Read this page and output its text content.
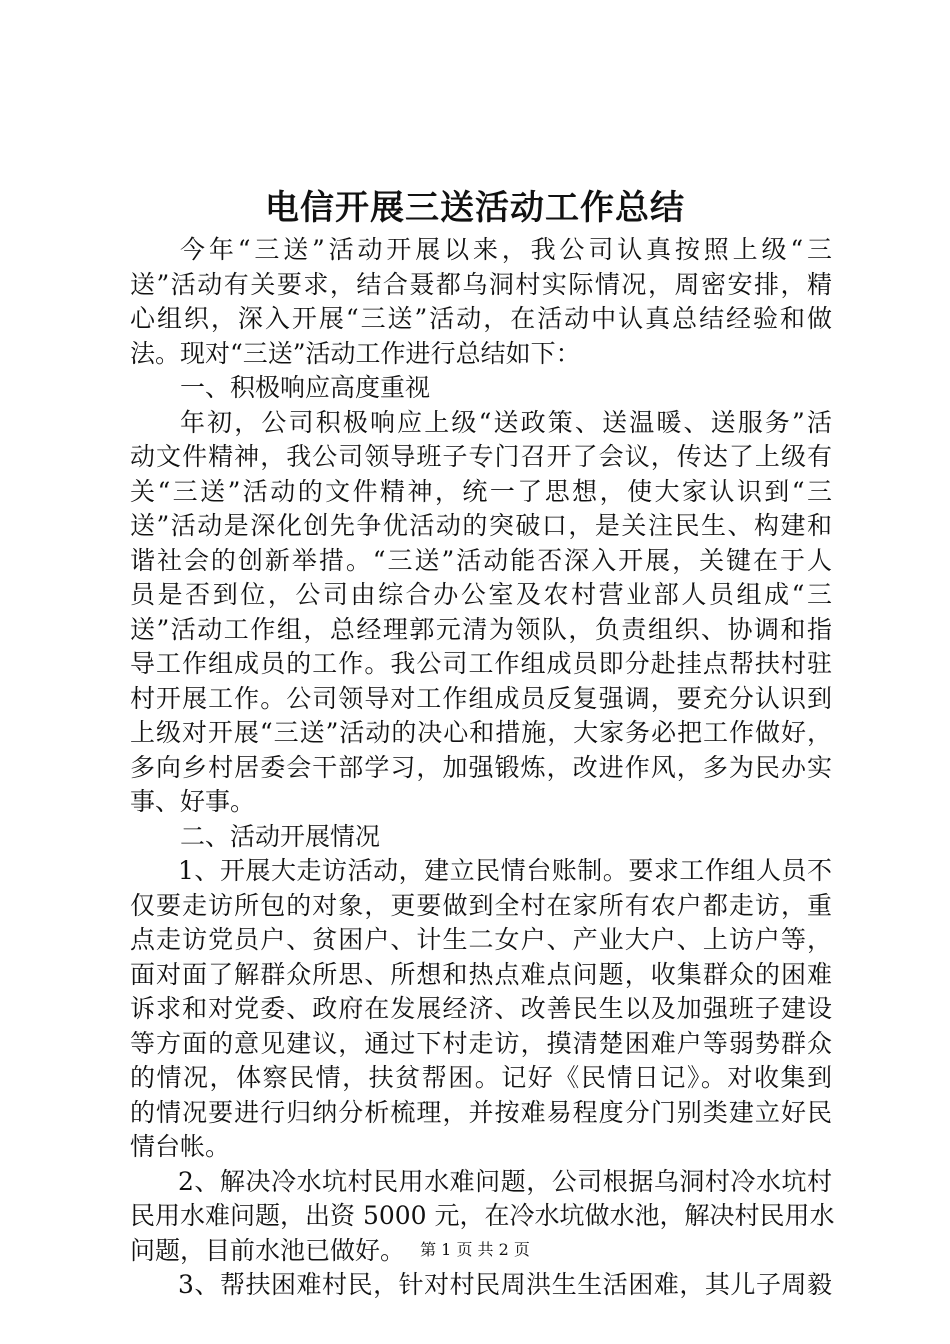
电信开展三送活动工作总结
今年“三送”活动开展以来，我公司认真按照上级“三
送”活动有关要求，结合聂都乌洞村实际情况，周密安排，精
心组织，深入开展“三送”活动，在活动中认真总结经验和做
法。现对“三送”活动工作进行总结如下：
一、积极响应高度重视
年初，公司积极响应上级“送政策、送温暖、送服务”活
动文件精神，我公司领导班子专门召开了会议，传达了上级有
关“三送”活动的文件精神，统一了思想，使大家认识到“三
送”活动是深化创先争优活动的突破口，是关注民生、构建和
谐社会的创新举措。“三送”活动能否深入开展，关键在于人
员是否到位，公司由综合办公室及农村营业部人员组成“三
送”活动工作组，总经理郭元清为领队，负责组织、协调和指
导工作组成员的工作。我公司工作组成员即分赴挂点帮扶村驻
村开展工作。公司领导对工作组成员反复强调，要充分认识到
上级对开展“三送”活动的决心和措施，大家务必把工作做好，
多向乡村居委会干部学习，加强锻炼，改进作风，多为民办实
事、好事。
二、活动开展情况
1、开展大走访活动，建立民情台账制。要求工作组人员不
仅要走访所包的对象，更要做到全村在家所有农户都走访，重
点走访党员户、贫困户、计生二女户、产业大户、上访户等，
面对面了解群众所思、所想和热点难点问题，收集群众的困难
诉求和对党委、政府在发展经济、改善民生以及加强班子建设
等方面的意见建议，通过下村走访，摸清楚困难户等弱势群众
的情况，体察民情，扶贫帮困。记好《民情日记》。对收集到
的情况要进行归纳分析梳理，并按难易程度分门别类建立好民
情台帐。
2、解决冷水坑村民用水难问题，公司根据乌洞村冷水坑村
民用水难问题，出资 5000 元，在冷水坑做水池，解决村民用水
问题，目前水池已做好。
3、帮扶困难村民，针对村民周洪生生活困难，其儿子周毅
第 1 页 共 2 页
